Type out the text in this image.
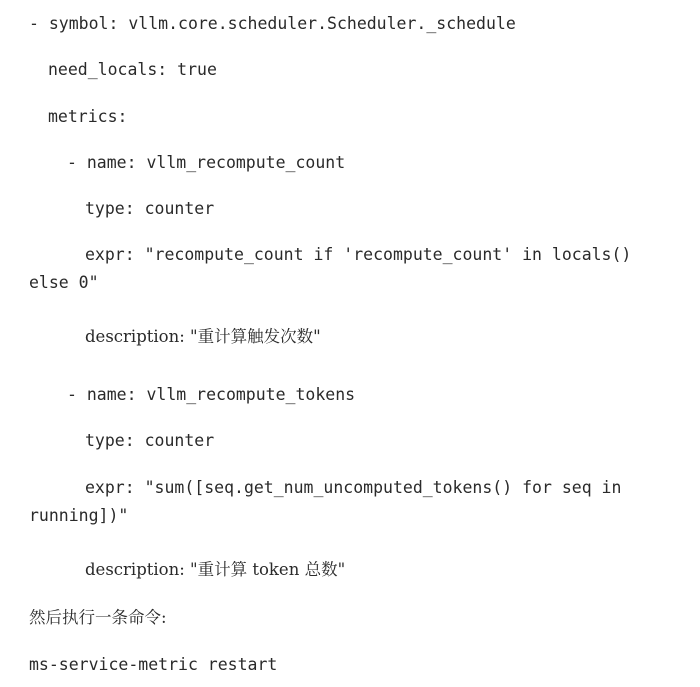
- symbol: vllm.core.scheduler.Scheduler._schedule
need_locals: true
metrics:
- name: vllm_recompute_count
type: counter
expr: "recompute_count if 'recompute_count' in locals()
else 0"
description: "重计算触发次数"
- name: vllm_recompute_tokens
type: counter
expr: "sum([seq.get_num_uncomputed_tokens() for seq in
running])"
description: "重计算 token 总数"
然后执行一条命令:
ms-service-metric restart
